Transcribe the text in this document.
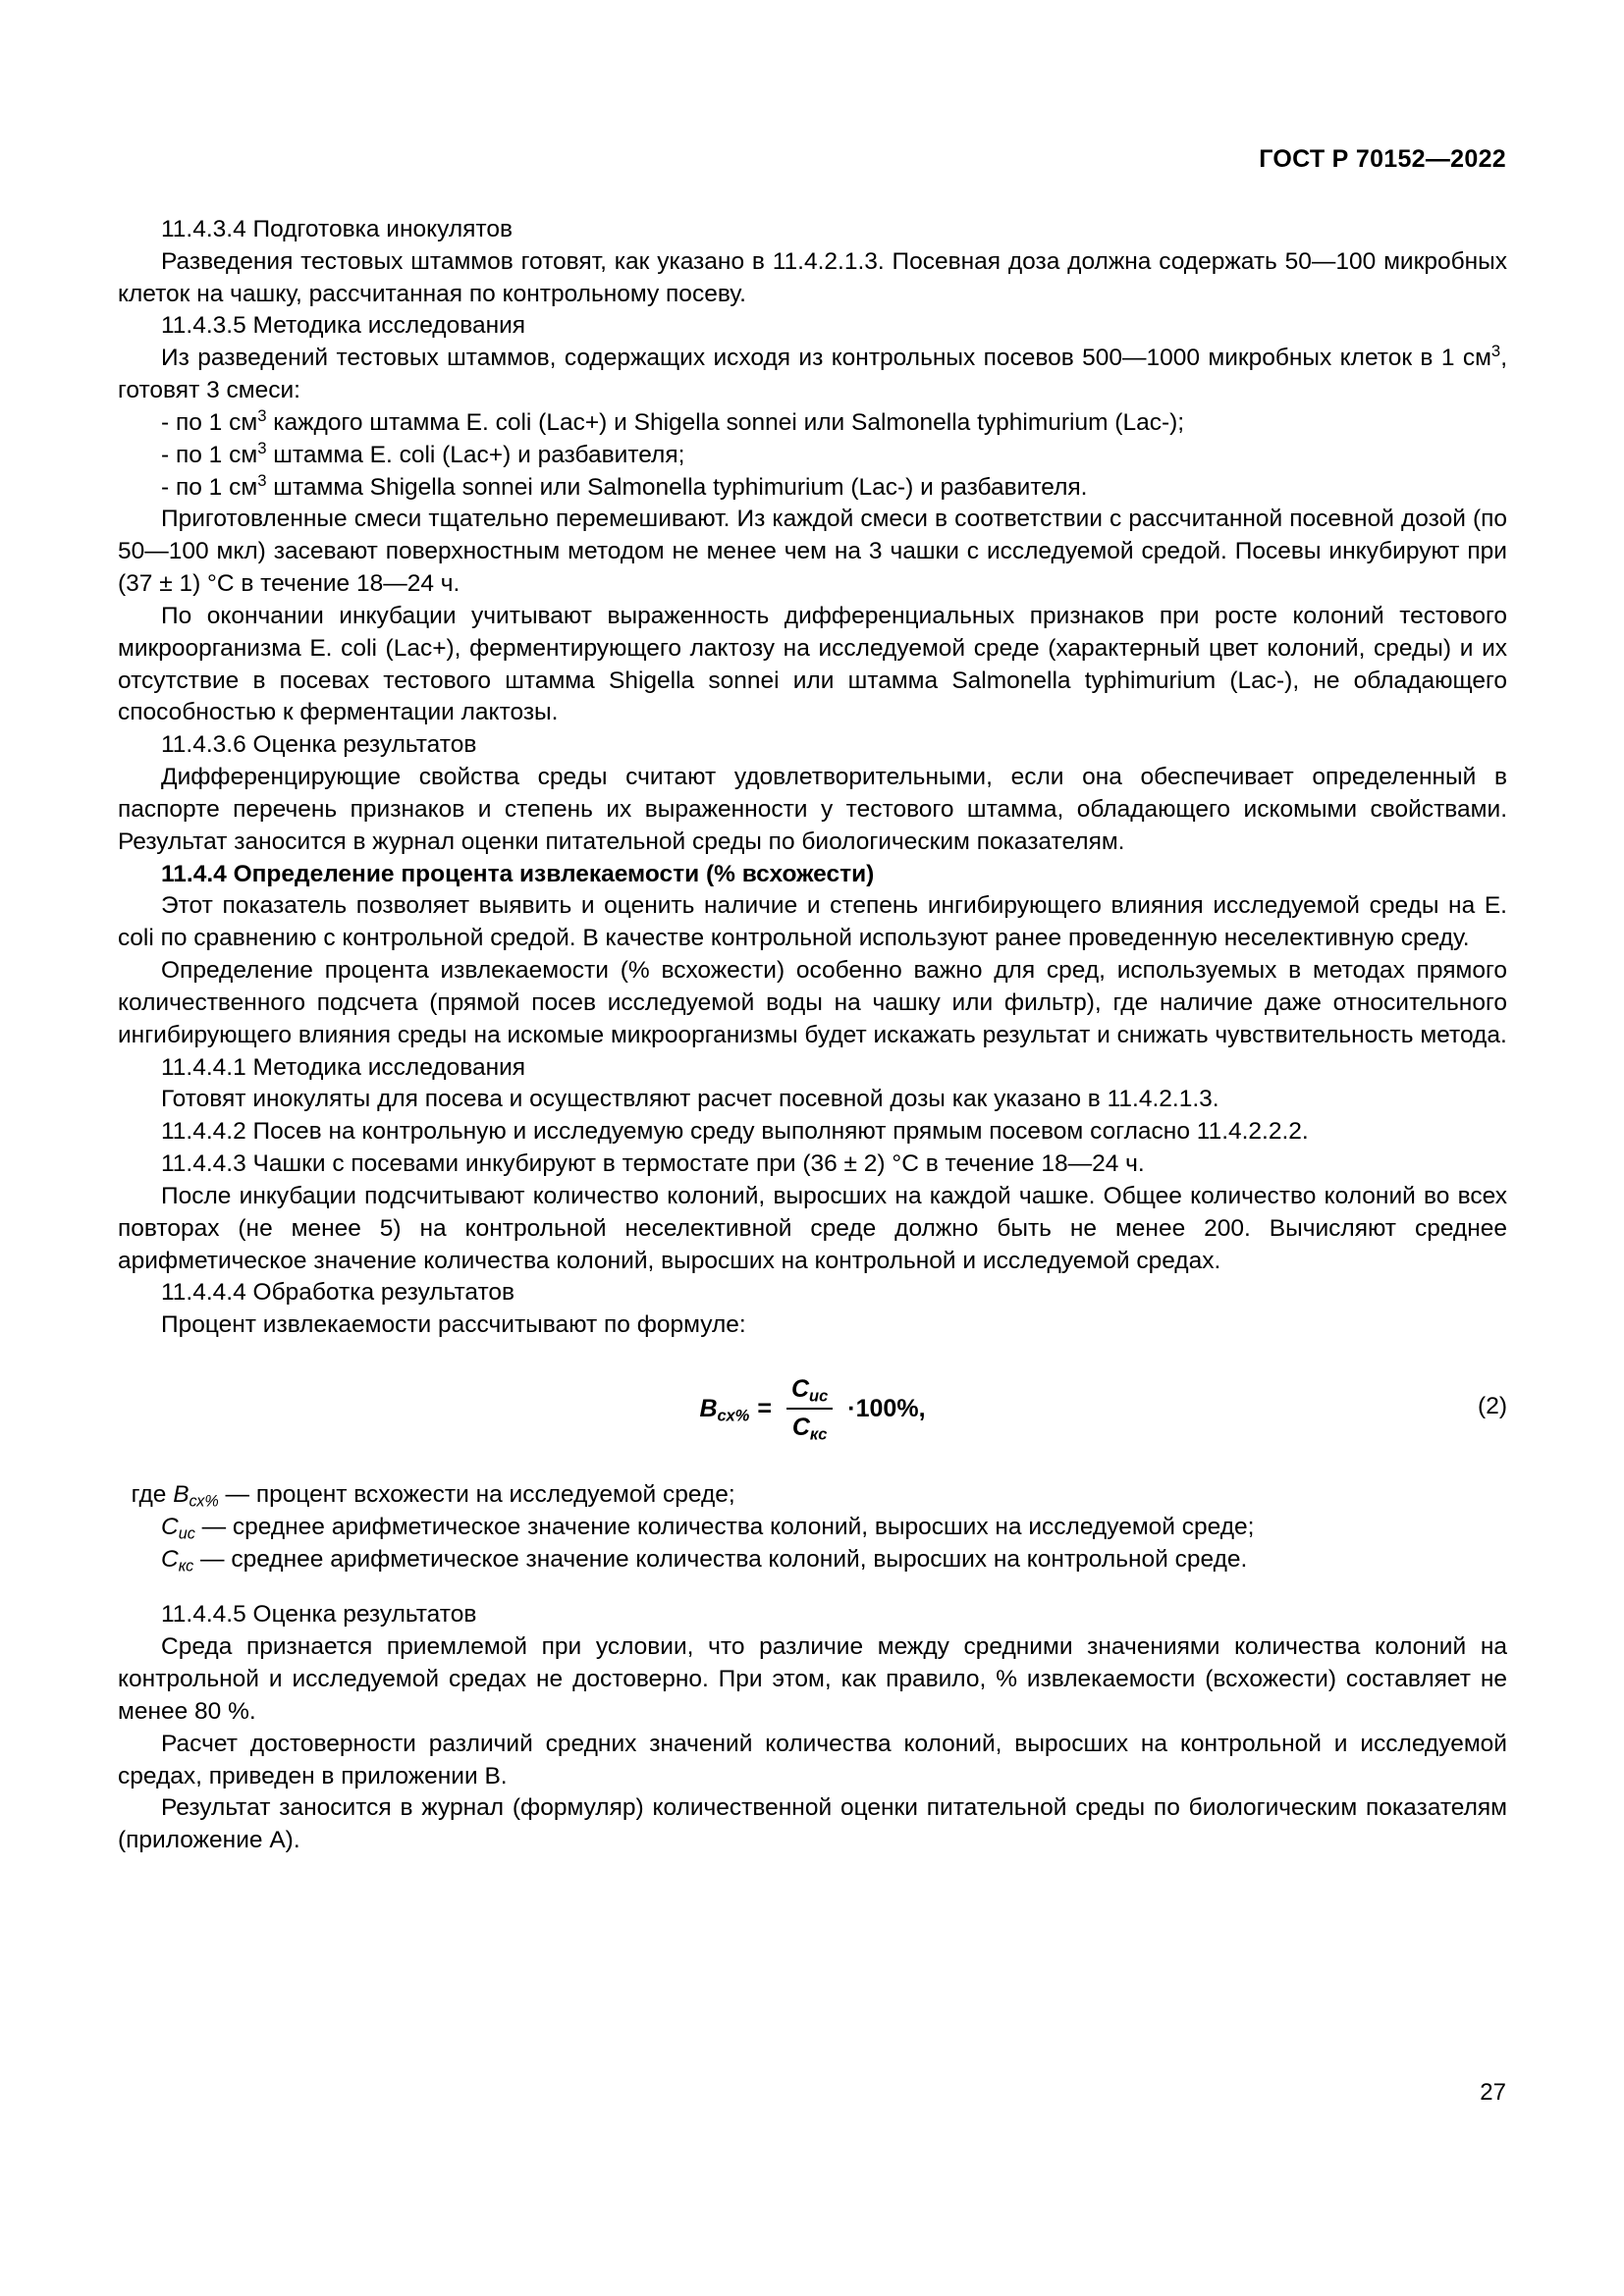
ГОСТ Р 70152—2022

11.4.3.4 Подготовка инокулятов

Разведения тестовых штаммов готовят, как указано в 11.4.2.1.3. Посевная доза должна содержать 50—100 микробных клеток на чашку, рассчитанная по контрольному посеву.

11.4.3.5 Методика исследования

Из разведений тестовых штаммов, содержащих исходя из контрольных посевов 500—1000 микробных клеток в 1 $см^3$, готовят 3 смеси:

- по 1 $см^3$ каждого штамма E. coli (Lac+) и Shigella sonnei или Salmonella typhimurium (Lac-);

- по 1 $см^3$ штамма E. coli (Lac+) и разбавителя;

- по 1 $см^3$ штамма Shigella sonnei или Salmonella typhimurium (Lac-) и разбавителя.

Приготовленные смеси тщательно перемешивают. Из каждой смеси в соответствии с рассчитанной посевной дозой (по 50—100 мкл) засевают поверхностным методом не менее чем на 3 чашки с исследуемой средой. Посевы инкубируют при (37 ± 1) °С в течение 18—24 ч.

По окончании инкубации учитывают выраженность дифференциальных признаков при росте колоний тестового микроорганизма E. coli (Lac+), ферментирующего лактозу на исследуемой среде (характерный цвет колоний, среды) и их отсутствие в посевах тестового штамма Shigella sonnei или штамма Salmonella typhimurium (Lac-), не обладающего способностью к ферментации лактозы.

11.4.3.6 Оценка результатов

Дифференцирующие свойства среды считают удовлетворительными, если она обеспечивает определенный в паспорте перечень признаков и степень их выраженности у тестового штамма, обладающего искомыми свойствами. Результат заносится в журнал оценки питательной среды по биологическим показателям.

11.4.4 Определение процента извлекаемости (% всхожести)

Этот показатель позволяет выявить и оценить наличие и степень ингибирующего влияния исследуемой среды на E. coli по сравнению с контрольной средой. В качестве контрольной используют ранее проведенную неселективную среду.

Определение процента извлекаемости (% всхожести) особенно важно для сред, используемых в методах прямого количественного подсчета (прямой посев исследуемой воды на чашку или фильтр), где наличие даже относительного ингибирующего влияния среды на искомые микроорганизмы будет искажать результат и снижать чувствительность метода.

11.4.4.1 Методика исследования

Готовят инокуляты для посева и осуществляют расчет посевной дозы как указано в 11.4.2.1.3.

11.4.4.2 Посев на контрольную и исследуемую среду выполняют прямым посевом согласно 11.4.2.2.2.

11.4.4.3 Чашки с посевами инкубируют в термостате при (36 ± 2) °С в течение 18—24 ч.

После инкубации подсчитывают количество колоний, выросших на каждой чашке. Общее количество колоний во всех повторах (не менее 5) на контрольной неселективной среде должно быть не менее 200. Вычисляют среднее арифметическое значение количества колоний, выросших на контрольной и исследуемой средах.

11.4.4.4 Обработка результатов

Процент извлекаемости рассчитывают по формуле:

$B_{сх\%} = \frac{C_{ис}}{C_{кс}} \cdot 100\%$,	(2)

где $B_{сх\%}$ — процент всхожести на исследуемой среде;

$C_{ис}$ — среднее арифметическое значение количества колоний, выросших на исследуемой среде;

$C_{кс}$ — среднее арифметическое значение количества колоний, выросших на контрольной среде.

11.4.4.5 Оценка результатов

Среда признается приемлемой при условии, что различие между средними значениями количества колоний на контрольной и исследуемой средах не достоверно. При этом, как правило, % извлекаемости (всхожести) составляет не менее 80 %.

Расчет достоверности различий средних значений количества колоний, выросших на контрольной и исследуемой средах, приведен в приложении В.

Результат заносится в журнал (формуляр) количественной оценки питательной среды по биологическим показателям (приложение А).

27
